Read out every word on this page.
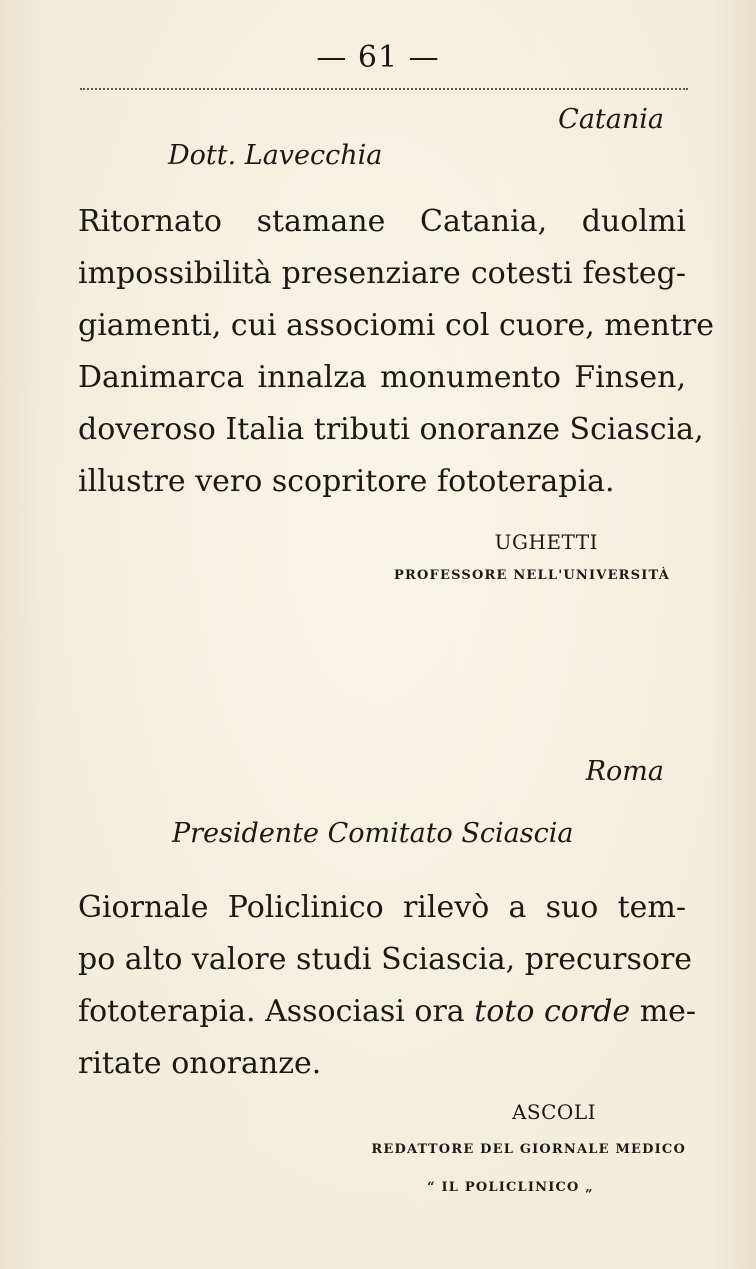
— 61 —
Catania
Dott. Lavecchia
Ritornato stamane Catania, duolmi
impossibilità presenziare cotesti festeg-
giamenti, cui associomi col cuore, mentre
Danimarca innalza monumento Finsen,
doveroso Italia tributi onoranze Sciascia,
illustre vero scopritore fototerapia.
UGHETTI
PROFESSORE NELL'UNIVERSITÀ
Roma
Presidente Comitato Sciascia
Giornale Policlinico rilevò a suo tem-
po alto valore studi Sciascia, precursore
fototerapia. Associasi ora toto corde me-
ritate onoranze.
ASCOLI
REDATTORE DEL GIORNALE MEDICO
“ IL POLICLINICO „
